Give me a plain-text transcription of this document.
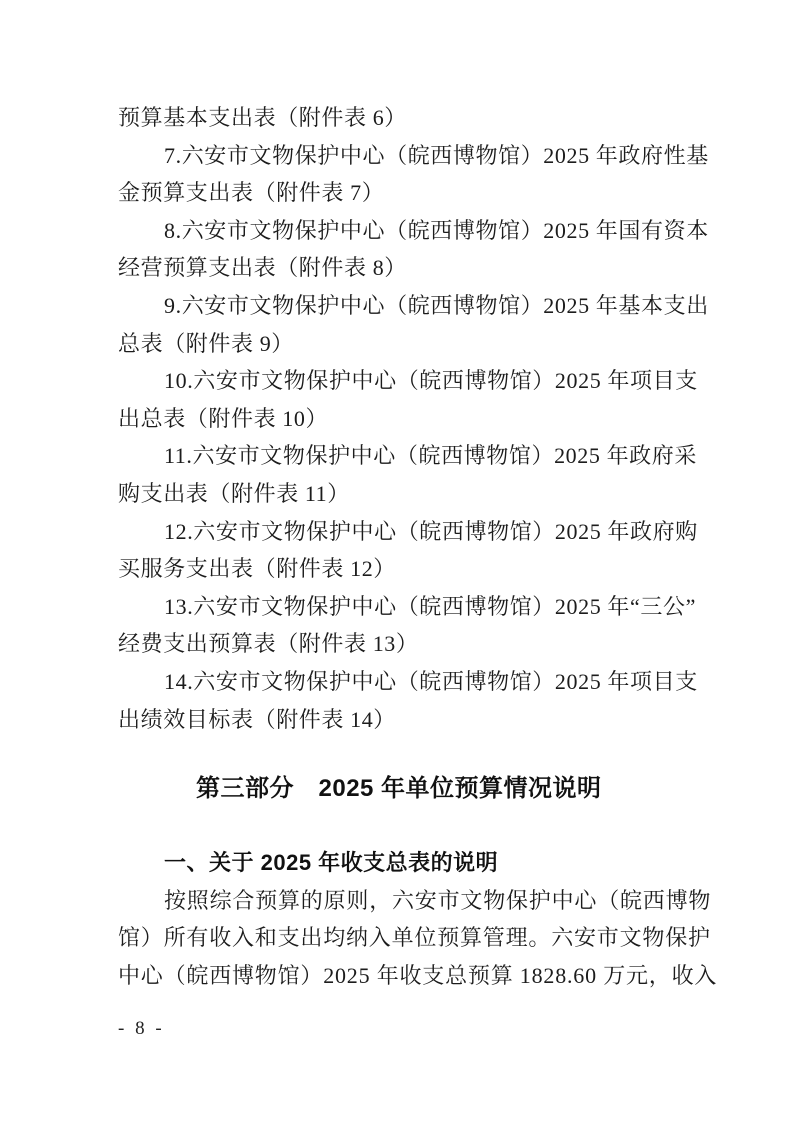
预算基本支出表（附件表 6）
7.六安市文物保护中心（皖西博物馆）2025 年政府性基
金预算支出表（附件表 7）
8.六安市文物保护中心（皖西博物馆）2025 年国有资本
经营预算支出表（附件表 8）
9.六安市文物保护中心（皖西博物馆）2025 年基本支出
总表（附件表 9）
10.六安市文物保护中心（皖西博物馆）2025 年项目支
出总表（附件表 10）
11.六安市文物保护中心（皖西博物馆）2025 年政府采
购支出表（附件表 11）
12.六安市文物保护中心（皖西博物馆）2025 年政府购
买服务支出表（附件表 12）
13.六安市文物保护中心（皖西博物馆）2025 年“三公”
经费支出预算表（附件表 13）
14.六安市文物保护中心（皖西博物馆）2025 年项目支
出绩效目标表（附件表 14）
第三部分　2025 年单位预算情况说明
一、关于 2025 年收支总表的说明
按照综合预算的原则，六安市文物保护中心（皖西博物
馆）所有收入和支出均纳入单位预算管理。六安市文物保护
中心（皖西博物馆）2025 年收支总预算 1828.60 万元，收入
- 8 -
